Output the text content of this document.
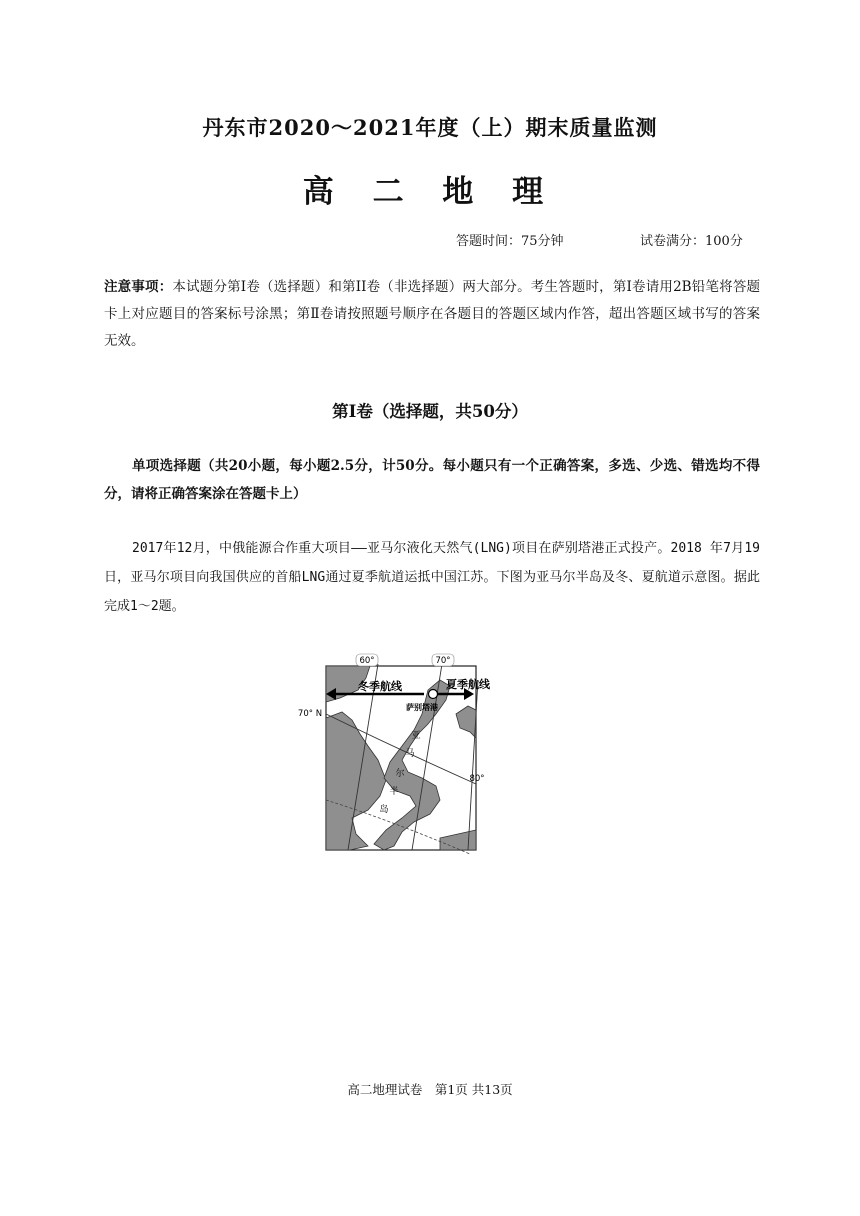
丹东市2020～2021年度（上）期末质量监测
高 二 地 理
答题时间：75分钟	试卷满分：100分
注意事项：本试题分第Ⅰ卷（选择题）和第II卷（非选择题）两大部分。考生答题时，第Ⅰ卷请用2B铅笔将答题卡上对应题目的答案标号涂黑；第Ⅱ卷请按照题号顺序在各题目的答题区域内作答，超出答题区域书写的答案无效。
第Ⅰ卷（选择题，共50分）
单项选择题（共20小题，每小题2.5分，计50分。每小题只有一个正确答案，多选、少选、错选均不得分，请将正确答案涂在答题卡上）
2017年12月，中俄能源合作重大项目——亚马尔液化天然气(LNG)项目在萨别塔港正式投产。2018 年7月19日，亚马尔项目向我国供应的首船LNG通过夏季航道运抵中国江苏。下图为亚马尔半岛及冬、夏航道示意图。据此完成1～2题。
60°	70°
80°
70° N
冬季航线	夏季航线
萨别塔港
亚
马
尔
半
岛
高二地理试卷　第1页 共13页
